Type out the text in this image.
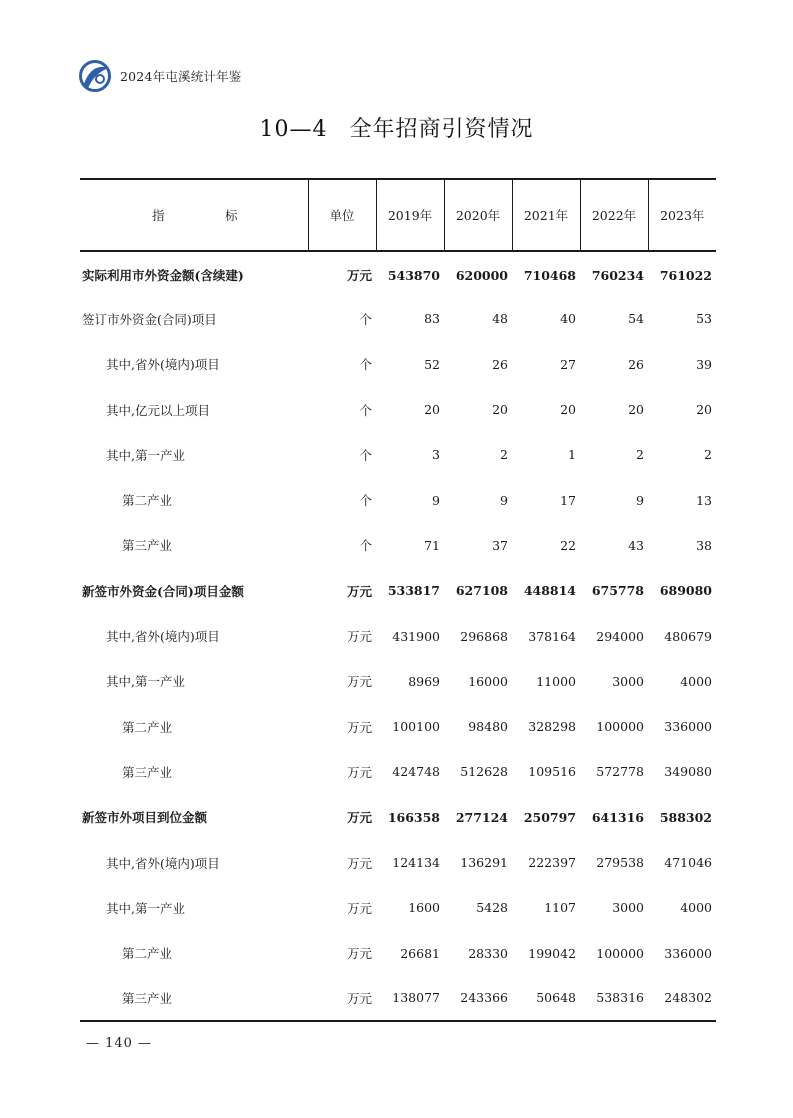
2024年屯溪统计年鉴
10—4 全年招商引资情况
指 标	单位	2019年	2020年	2021年	2022年	2023年
实际利用市外资金额(含续建)	万元	543870	620000	710468	760234	761022
签订市外资金(合同)项目	个	83	48	40	54	53
其中,省外(境内)项目	个	52	26	27	26	39
其中,亿元以上项目	个	20	20	20	20	20
其中,第一产业	个	3	2	1	2	2
第二产业	个	9	9	17	9	13
第三产业	个	71	37	22	43	38
新签市外资金(合同)项目金额	万元	533817	627108	448814	675778	689080
其中,省外(境内)项目	万元	431900	296868	378164	294000	480679
其中,第一产业	万元	8969	16000	11000	3000	4000
第二产业	万元	100100	98480	328298	100000	336000
第三产业	万元	424748	512628	109516	572778	349080
新签市外项目到位金额	万元	166358	277124	250797	641316	588302
其中,省外(境内)项目	万元	124134	136291	222397	279538	471046
其中,第一产业	万元	1600	5428	1107	3000	4000
第二产业	万元	26681	28330	199042	100000	336000
第三产业	万元	138077	243366	50648	538316	248302
— 140 —
